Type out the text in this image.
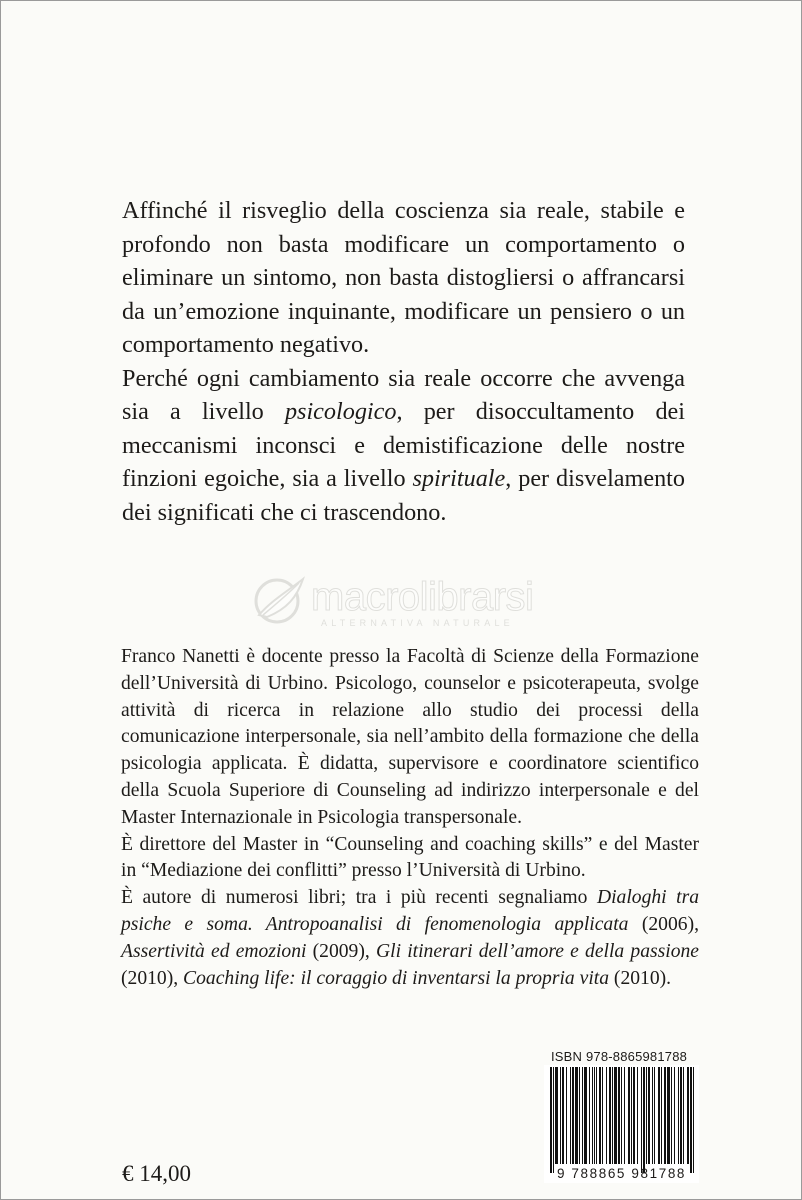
Affinché il risveglio della coscienza sia reale, stabile e profondo non basta modificare un comportamento o eliminare un sintomo, non basta distogliersi o affrancarsi da un’emozione inquinante, modificare un pensiero o un comportamento negativo.

Perché ogni cambiamento sia reale occorre che avvenga sia a livello psicologico, per disoccultamento dei meccanismi inconsci e demistificazione delle nostre finzioni egoiche, sia a livello spirituale, per disvelamento dei significati che ci trascendono.

macrolibrarsi
ALTERNATIVA NATURALE

Franco Nanetti è docente presso la Facoltà di Scienze della Formazione dell’Università di Urbino. Psicologo, counselor e psicoterapeuta, svolge attività di ricerca in relazione allo studio dei processi della comunicazione interpersonale, sia nell’ambito della formazione che della psicologia applicata. È didatta, supervisore e coordinatore scientifico della Scuola Superiore di Counseling ad indirizzo interpersonale e del Master Internazionale in Psicologia transpersonale.

È direttore del Master in “Counseling and coaching skills” e del Master in “Mediazione dei conflitti” presso l’Università di Urbino.

È autore di numerosi libri; tra i più recenti segnaliamo Dialoghi tra psiche e soma. Antropoanalisi di fenomenologia applicata (2006), Assertività ed emozioni (2009), Gli itinerari dell’amore e della passione (2010), Coaching life: il coraggio di inventarsi la propria vita (2010).

ISBN 978-8865981788
9 788865 981788
€ 14,00
